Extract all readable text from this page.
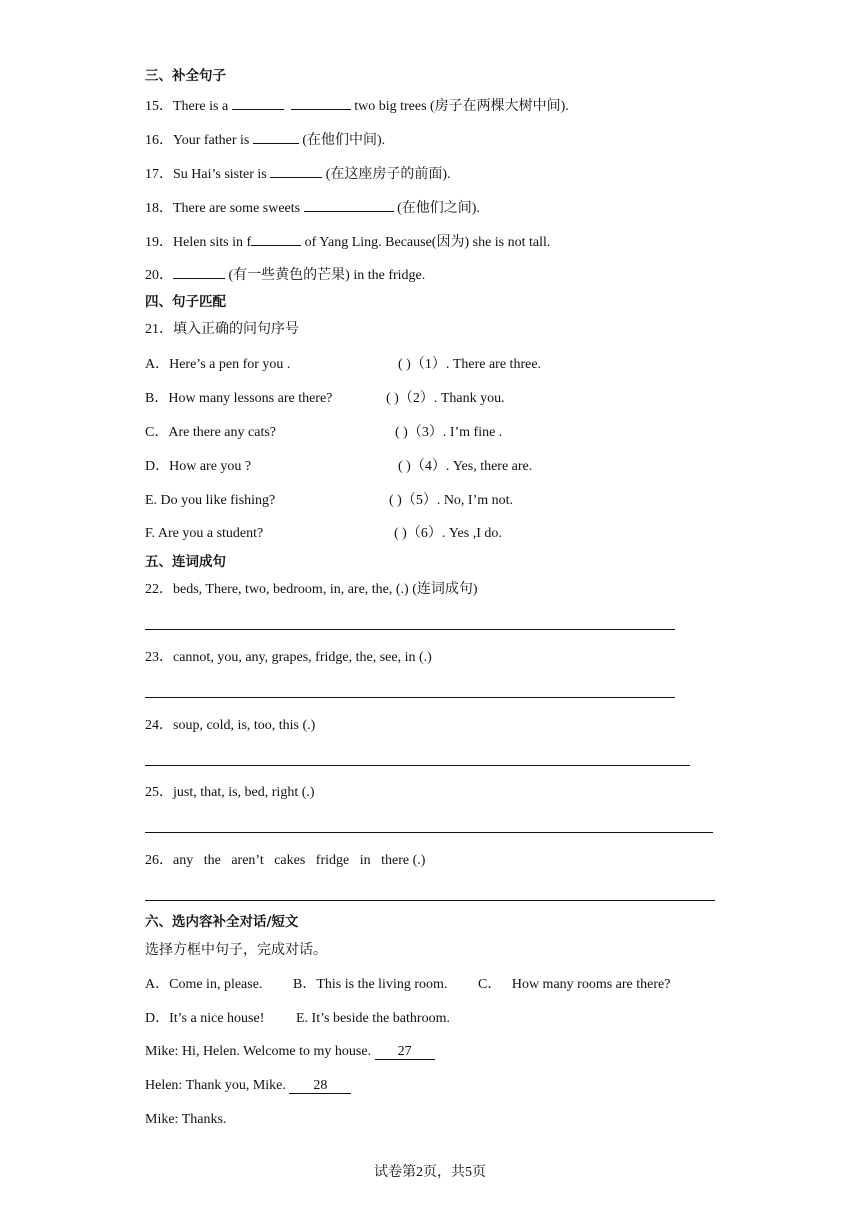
三、补全句子
15．There is a	two big trees (房子在两棵大树中间).
16．Your father is	(在他们中间).
17．Su Hai’s sister is	(在这座房子的前面).
18．There are some sweets	(在他们之间).
19．Helen sits in f	of Yang Ling. Because(因为) she is not tall.
20．	(有一些黄色的芒果) in the fridge.
四、句子匹配
21．填入正确的问句序号
A．Here’s a pen for you .	( )（1）. There are three.
B．How many lessons are there?	( )（2）. Thank you.
C．Are there any cats?	( )（3）. I’m fine .
D．How are you ?	( )（4）. Yes, there are.
E. Do you like fishing?	( )（5）. No, I’m not.
F. Are you a student?	( )（6）. Yes ,I do.
五、连词成句
22．beds, There, two, bedroom, in, are, the, (.) (连词成句)
23．cannot, you, any, grapes, fridge, the, see, in (.)
24．soup, cold, is, too, this (.)
25．just, that, is, bed, right (.)
26．any   the   aren’t   cakes   fridge   in   there (.)
六、选内容补全对话/短文
选择方框中句子，完成对话。
A．Come in, please. B．This is the living room. C．   How many rooms are there?
D．It’s a nice house! E. It’s beside the bathroom.
Mike: Hi, Helen. Welcome to my house. 27
Helen: Thank you, Mike. 28
Mike: Thanks.
试卷第2页，共5页
